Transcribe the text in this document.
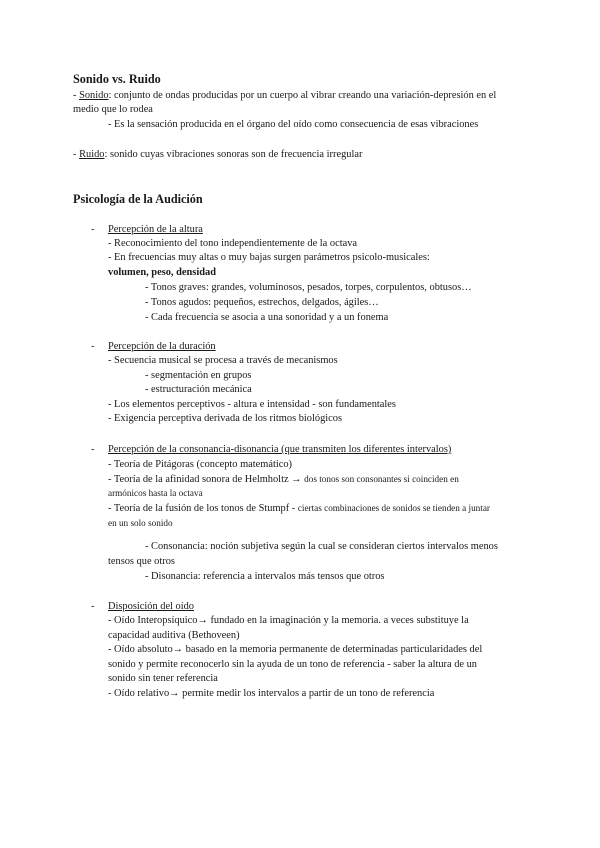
Sonido vs. Ruido
- Sonido: conjunto de ondas producidas por un cuerpo al vibrar creando una variación-depresión en el
medio que lo rodea
- Es la sensación producida en el órgano del oído como consecuencia de esas vibraciones
- Ruido: sonido cuyas vibraciones sonoras son de frecuencia irregular
Psicología de la Audición
- Percepción de la altura
- Reconocimiento del tono independientemente de la octava
- En frecuencias muy altas o muy bajas surgen parámetros psicolo-musicales:
volumen, peso, densidad
- Tonos graves: grandes, voluminosos, pesados, torpes, corpulentos, obtusos…
- Tonos agudos: pequeños, estrechos, delgados, ágiles…
- Cada frecuencia se asocia a una sonoridad y a un fonema
- Percepción de la duración
- Secuencia musical se procesa a través de mecanismos
- segmentación en grupos
- estructuración mecánica
- Los elementos perceptivos - altura e intensidad - son fundamentales
- Exigencia perceptiva derivada de los ritmos biológicos
- Percepción de la consonancia-disonancia (que transmiten los diferentes intervalos)
- Teoría de Pitágoras (concepto matemático)
- Teoría de la afinidad sonora de Helmholtz → dos tonos son consonantes si coinciden en
armónicos hasta la octava
- Teoría de la fusión de los tonos de Stumpf - ciertas combinaciones de sonidos se tienden a juntar
en un solo sonido
- Consonancia: noción subjetiva según la cual se consideran ciertos intervalos menos
tensos que otros
- Disonancia: referencia a intervalos más tensos que otros
- Disposición del oído
- Oído Interopsíquico→ fundado en la imaginación y la memoria. a veces substituye la
capacidad auditiva (Bethoveen)
- Oído absoluto→ basado en la memoria permanente de determinadas particularidades del
sonido y permite reconocerlo sin la ayuda de un tono de referencia - saber la altura de un
sonido sin tener referencia
- Oído relativo→ permite medir los intervalos a partir de un tono de referencia
